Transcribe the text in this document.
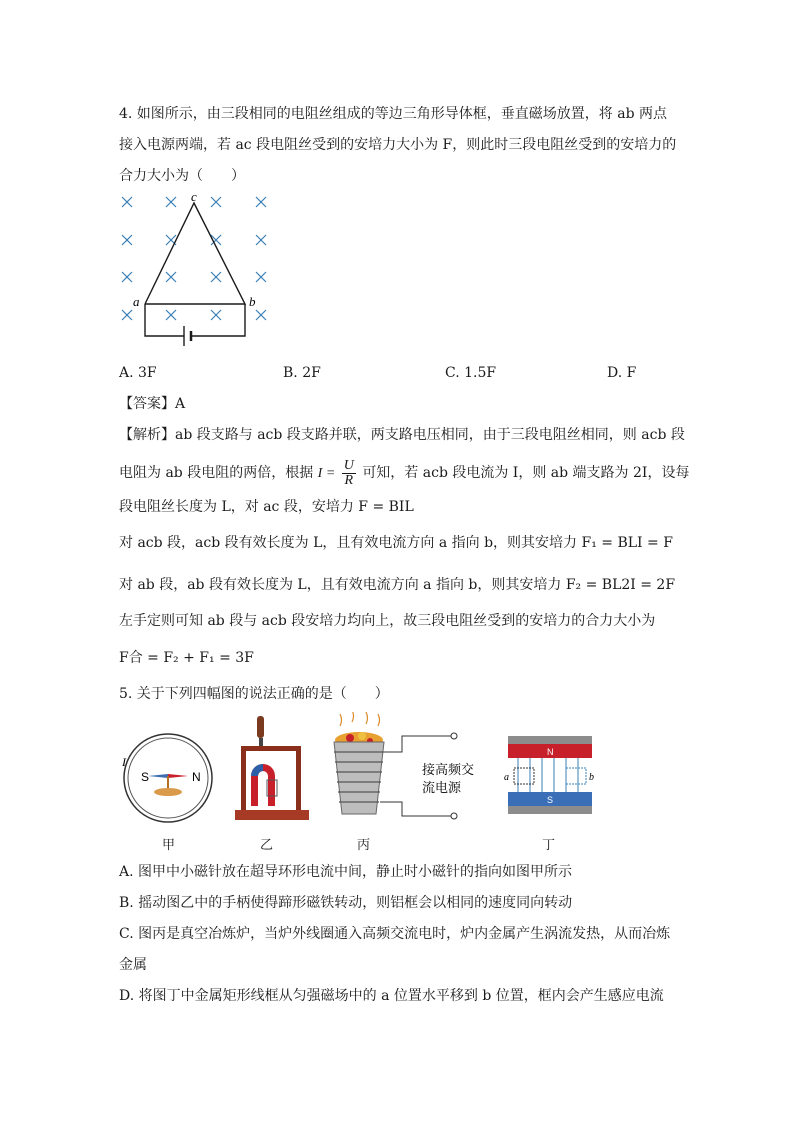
4. 如图所示，由三段相同的电阻丝组成的等边三角形导体框，垂直磁场放置，将 ab 两点
接入电源两端，若 ac 段电阻丝受到的安培力大小为 F，则此时三段电阻丝受到的安培力的
合力大小为（　　）
c
a	b
A. 3F	B. 2F	C. 1.5F	D. F
【答案】A
【解析】ab 段支路与 acb 段支路并联，两支路电压相同，由于三段电阻丝相同，则 acb 段
电阻为 ab 段电阻的两倍，根据 $I = \frac{U}{R}$ 可知，若 acb 段电流为 I，则 ab 端支路为 2I，设每
段电阻丝长度为 L，对 ac 段，安培力 F = BIL
对 acb 段，acb 段有效长度为 L，且有效电流方向 a 指向 b，则其安培力 F₁ = BLI = F
对 ab 段，ab 段有效长度为 L，且有效电流方向 a 指向 b，则其安培力 F₂ = BL2I = 2F
左手定则可知 ab 段与 acb 段安培力均向上，故三段电阻丝受到的安培力的合力大小为
F合 = F₂ + F₁ = 3F
5. 关于下列四幅图的说法正确的是（　　）
I
S	N
甲	乙
接高频交
流电源
丙
N
a	b
S
丁
A. 图甲中小磁针放在超导环形电流中间，静止时小磁针的指向如图甲所示
B. 摇动图乙中的手柄使得蹄形磁铁转动，则铝框会以相同的速度同向转动
C. 图丙是真空冶炼炉，当炉外线圈通入高频交流电时，炉内金属产生涡流发热，从而冶炼
金属
D. 将图丁中金属矩形线框从匀强磁场中的 a 位置水平移到 b 位置，框内会产生感应电流
